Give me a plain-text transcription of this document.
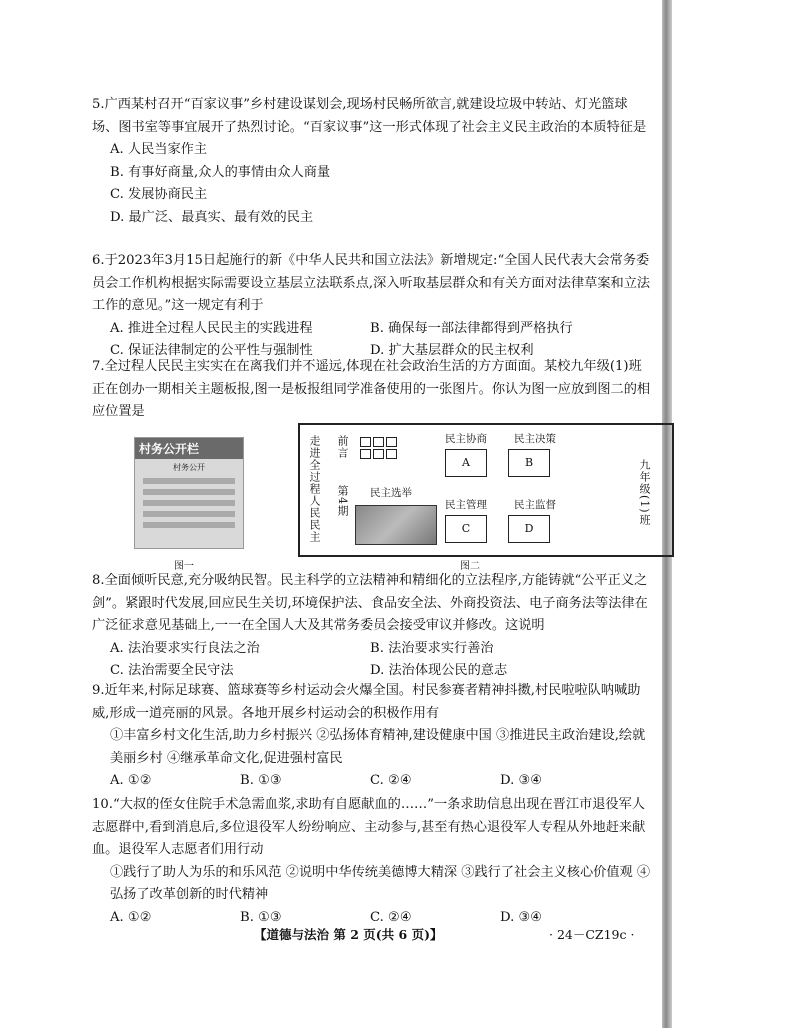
5.广西某村召开“百家议事”乡村建设谋划会,现场村民畅所欲言,就建设垃圾中转站、灯光篮球场、图书室等事宜展开了热烈讨论。“百家议事”这一形式体现了社会主义民主政治的本质特征是

A. 人民当家作主

B. 有事好商量,众人的事情由众人商量

C. 发展协商民主

D. 最广泛、最真实、最有效的民主

6.于2023年3月15日起施行的新《中华人民共和国立法法》新增规定:“全国人民代表大会常务委员会工作机构根据实际需要设立基层立法联系点,深入听取基层群众和有关方面对法律草案和立法工作的意见。”这一规定有利于

A. 推进全过程人民民主的实践进程	B. 确保每一部法律都得到严格执行
C. 保证法律制定的公平性与强制性	D. 扩大基层群众的民主权利

7.全过程人民民主实实在在离我们并不遥远,体现在社会政治生活的方方面面。某校九年级(1)班正在创办一期相关主题板报,图一是板报组同学准备使用的一张图片。你认为图一应放到图二的相应位置是

村务公开栏
村务公开
图一
走进全过程人民民主 第4期
前言
民主选举
民主协商
A
民主决策
B
民主管理
C
民主监督
D
九年级(1)班
图二

8.全面倾听民意,充分吸纳民智。民主科学的立法精神和精细化的立法程序,方能铸就“公平正义之剑”。紧跟时代发展,回应民生关切,环境保护法、食品安全法、外商投资法、电子商务法等法律在广泛征求意见基础上,一一在全国人大及其常务委员会接受审议并修改。这说明

A. 法治要求实行良法之治	B. 法治要求实行善治
C. 法治需要全民守法	D. 法治体现公民的意志

9.近年来,村际足球赛、篮球赛等乡村运动会火爆全国。村民参赛者精神抖擞,村民啦啦队呐喊助威,形成一道亮丽的风景。各地开展乡村运动会的积极作用有

①丰富乡村文化生活,助力乡村振兴 ②弘扬体育精神,建设健康中国 ③推进民主政治建设,绘就美丽乡村 ④继承革命文化,促进强村富民

A. ①②	B. ①③	C. ②④	D. ③④

10.“大叔的侄女住院手术急需血浆,求助有自愿献血的……”一条求助信息出现在晋江市退役军人志愿群中,看到消息后,多位退役军人纷纷响应、主动参与,甚至有热心退役军人专程从外地赶来献血。退役军人志愿者们用行动

①践行了助人为乐的和乐风范 ②说明中华传统美德博大精深 ③践行了社会主义核心价值观 ④弘扬了改革创新的时代精神

A. ①②	B. ①③	C. ②④	D. ③④
【道德与法治 第 2 页(共 6 页)】	· 24－CZ19c ·
